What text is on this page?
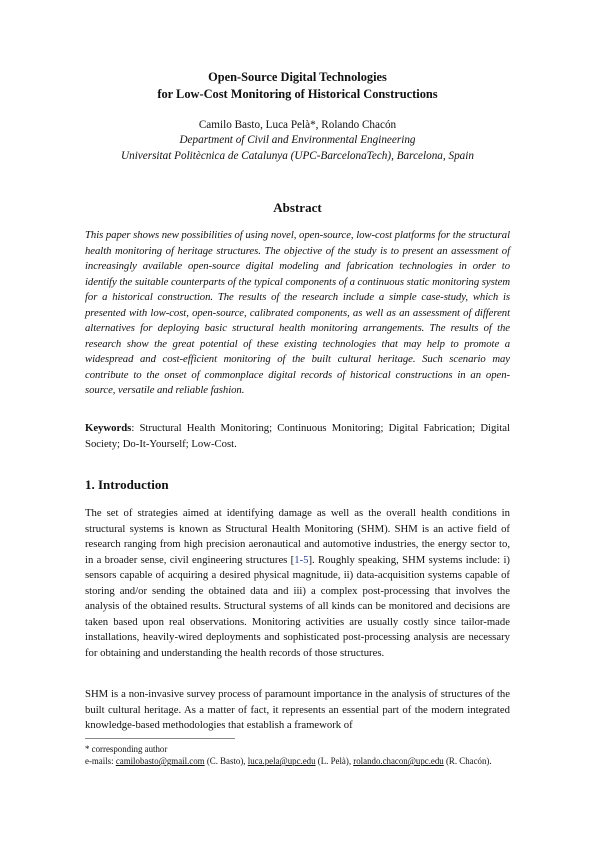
Open-Source Digital Technologies
for Low-Cost Monitoring of Historical Constructions
Camilo Basto, Luca Pelà*, Rolando Chacón
Department of Civil and Environmental Engineering
Universitat Politècnica de Catalunya (UPC-BarcelonaTech), Barcelona, Spain
Abstract

This paper shows new possibilities of using novel, open-source, low-cost platforms for the structural health monitoring of heritage structures. The objective of the study is to present an assessment of increasingly available open-source digital modeling and fabrication technologies in order to identify the suitable counterparts of the typical components of a continuous static monitoring system for a historical construction. The results of the research include a simple case-study, which is presented with low-cost, open-source, calibrated components, as well as an assessment of different alternatives for deploying basic structural health monitoring arrangements. The results of the research show the great potential of these existing technologies that may help to promote a widespread and cost-efficient monitoring of the built cultural heritage. Such scenario may contribute to the onset of commonplace digital records of historical constructions in an open-source, versatile and reliable fashion.

Keywords: Structural Health Monitoring; Continuous Monitoring; Digital Fabrication; Digital Society; Do-It-Yourself; Low-Cost.

1. Introduction

The set of strategies aimed at identifying damage as well as the overall health conditions in structural systems is known as Structural Health Monitoring (SHM). SHM is an active field of research ranging from high precision aeronautical and automotive industries, the energy sector to, in a broader sense, civil engineering structures [1-5]. Roughly speaking, SHM systems include: i) sensors capable of acquiring a desired physical magnitude, ii) data-acquisition systems capable of storing and/or sending the obtained data and iii) a complex post-processing that involves the analysis of the obtained results. Structural systems of all kinds can be monitored and decisions are taken based upon real observations. Monitoring activities are usually costly since tailor-made installations, heavily-wired deployments and sophisticated post-processing analysis are necessary for obtaining and understanding the health records of those structures.

SHM is a non-invasive survey process of paramount importance in the analysis of structures of the built cultural heritage. As a matter of fact, it represents an essential part of the modern integrated knowledge-based methodologies that establish a framework of

* corresponding author
e-mails: camilobasto@gmail.com (C. Basto), luca.pela@upc.edu (L. Pelà), rolando.chacon@upc.edu (R. Chacón).
